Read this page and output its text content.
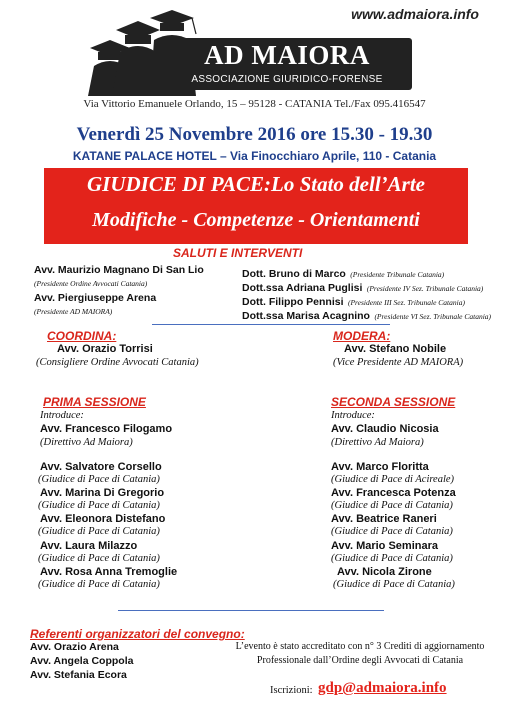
www.admaiora.info
AD MAIORA
ASSOCIAZIONE GIURIDICO-FORENSE
Via Vittorio Emanuele Orlando, 15 – 95128 - CATANIA Tel./Fax 095.416547
Venerdì 25 Novembre 2016 ore 15.30 - 19.30
KATANE PALACE HOTEL – Via Finocchiaro Aprile, 110 - Catania
GIUDICE DI PACE:Lo Stato dell’Arte
Modifiche - Competenze - Orientamenti
SALUTI E INTERVENTI
Avv. Maurizio Magnano Di San Lio
(Presidente Ordine Avvocati Catania)
Avv. Piergiuseppe Arena
(Presidente AD MAIORA)
Dott. Bruno di Marco (Presidente Tribunale Catania)
Dott.ssa Adriana Puglisi (Presidente IV Sez. Tribunale Catania)
Dott. Filippo Pennisi (Presidente III Sez. Tribunale Catania)
Dott.ssa Marisa Acagnino (Presidente VI Sez. Tribunale Catania)
COORDINA:
Avv. Orazio Torrisi
(Consigliere Ordine Avvocati Catania)
MODERA:
Avv. Stefano Nobile
(Vice Presidente AD MAIORA)
PRIMA SESSIONE
Introduce:
Avv. Francesco Filogamo
(Direttivo Ad Maiora)
Avv. Salvatore Corsello
(Giudice di Pace di Catania)
Avv. Marina Di Gregorio
(Giudice di Pace di Catania)
Avv. Eleonora Distefano
(Giudice di Pace di Catania)
Avv. Laura Milazzo
(Giudice di Pace di Catania)
Avv. Rosa Anna Tremoglie
(Giudice di Pace di Catania)
SECONDA SESSIONE
Introduce:
Avv. Claudio Nicosia
(Direttivo Ad Maiora)
Avv. Marco Floritta
(Giudice di Pace di Acireale)
Avv. Francesca Potenza
(Giudice di Pace di Catania)
Avv. Beatrice Raneri
(Giudice di Pace di Catania)
Avv. Mario Seminara
(Giudice di Pace di Catania)
Avv. Nicola Zirone
(Giudice di Pace di Catania)
Referenti organizzatori del convegno:
Avv. Orazio Arena
Avv. Angela Coppola
Avv. Stefania Ecora
L’evento è stato accreditato con n° 3 Crediti di aggiornamento
Professionale dall’Ordine degli Avvocati di Catania
Iscrizioni: gdp@admaiora.info
